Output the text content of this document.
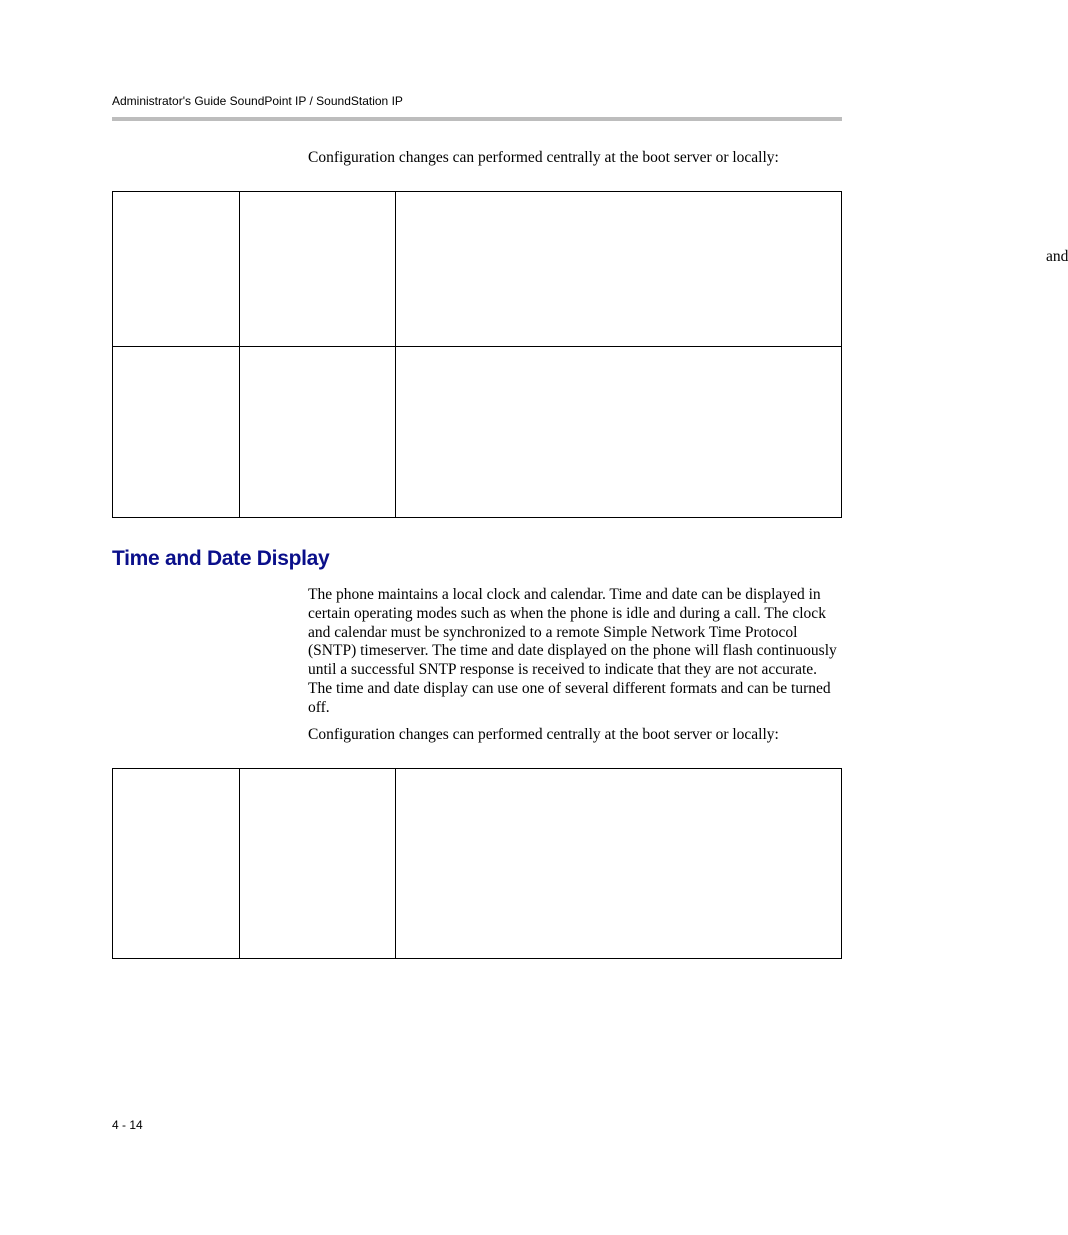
Administrator's Guide SoundPoint IP / SoundStation IP

Configuration changes can performed centrally at the boot server or locally:

		and

Time and Date Display

The phone maintains a local clock and calendar. Time and date can be displayed in certain operating modes such as when the phone is idle and during a call. The clock and calendar must be synchronized to a remote Simple Network Time Protocol (SNTP) timeserver. The time and date displayed on the phone will flash continuously until a successful SNTP response is received to indicate that they are not accurate. The time and date display can use one of several different formats and can be turned off.

Configuration changes can performed centrally at the boot server or locally:

4 - 14
